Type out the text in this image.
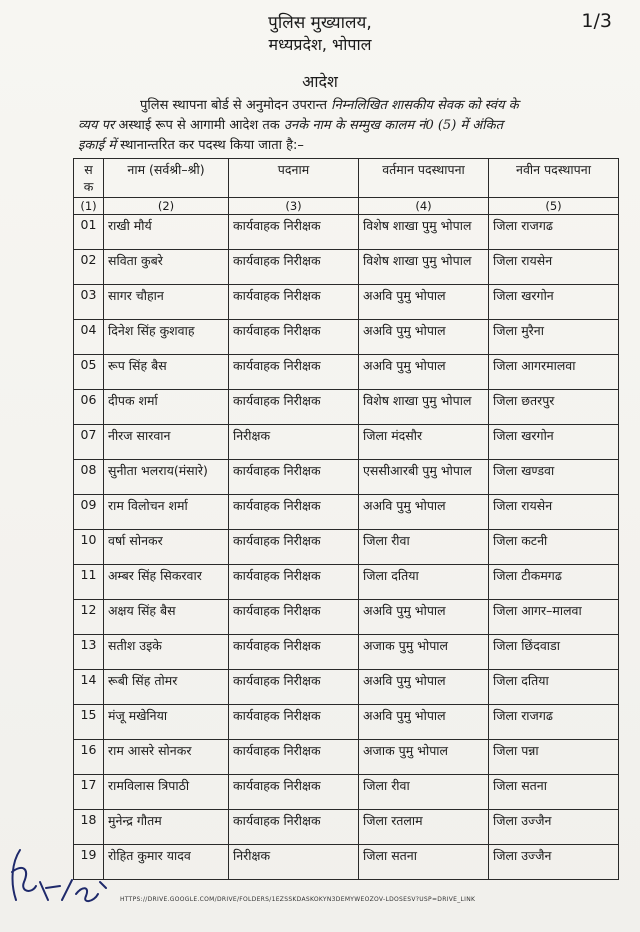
पुलिस मुख्यालय,
मध्यप्रदेश, भोपाल
1/3
आदेश
पुलिस स्थापना बोर्ड से अनुमोदन उपरान्त निम्नलिखित शासकीय सेवक को स्वंय के
व्यय पर अस्थाई रूप से आगामी आदेश तक उनके नाम के सम्मुख कालम नं0 (5) में अंकित
इकाई में स्थानान्तरित कर पदस्थ किया जाता है:–
स क	नाम (सर्वश्री–श्री)	पदनाम	वर्तमान पदस्थापना	नवीन पदस्थापना
(1)	(2)	(3)	(4)	(5)
01	राखी मौर्य	कार्यवाहक निरीक्षक	विशेष शाखा पुमु भोपाल	जिला राजगढ
02	सविता कुबरे	कार्यवाहक निरीक्षक	विशेष शाखा पुमु भोपाल	जिला रायसेन
03	सागर चौहान	कार्यवाहक निरीक्षक	अअवि पुमु भोपाल	जिला खरगोन
04	दिनेश सिंह कुशवाह	कार्यवाहक निरीक्षक	अअवि पुमु भोपाल	जिला मुरैना
05	रूप सिंह बैस	कार्यवाहक निरीक्षक	अअवि पुमु भोपाल	जिला आगरमालवा
06	दीपक शर्मा	कार्यवाहक निरीक्षक	विशेष शाखा पुमु भोपाल	जिला छतरपुर
07	नीरज सारवान	निरीक्षक	जिला मंदसौर	जिला खरगोन
08	सुनीता भलराय(मंसारे)	कार्यवाहक निरीक्षक	एससीआरबी पुमु भोपाल	जिला खण्डवा
09	राम विलोचन शर्मा	कार्यवाहक निरीक्षक	अअवि पुमु भोपाल	जिला रायसेन
10	वर्षा सोनकर	कार्यवाहक निरीक्षक	जिला रीवा	जिला कटनी
11	अम्बर सिंह सिकरवार	कार्यवाहक निरीक्षक	जिला दतिया	जिला टीकमगढ
12	अक्षय सिंह बैस	कार्यवाहक निरीक्षक	अअवि पुमु भोपाल	जिला आगर–मालवा
13	सतीश उइके	कार्यवाहक निरीक्षक	अजाक पुमु भोपाल	जिला छिंदवाडा
14	रूबी सिंह तोमर	कार्यवाहक निरीक्षक	अअवि पुमु भोपाल	जिला दतिया
15	मंजू मखेनिया	कार्यवाहक निरीक्षक	अअवि पुमु भोपाल	जिला राजगढ
16	राम आसरे सोनकर	कार्यवाहक निरीक्षक	अजाक पुमु भोपाल	जिला पन्ना
17	रामविलास त्रिपाठी	कार्यवाहक निरीक्षक	जिला रीवा	जिला सतना
18	मुनेन्द्र गौतम	कार्यवाहक निरीक्षक	जिला रतलाम	जिला उज्जैन
19	रोहित कुमार यादव	निरीक्षक	जिला सतना	जिला उज्जैन
HTTPS://DRIVE.GOOGLE.COM/DRIVE/FOLDERS/1EZSSKDASKOKYN3DEMYWEOZOV-LDOSESV?USP=DRIVE_LINK
